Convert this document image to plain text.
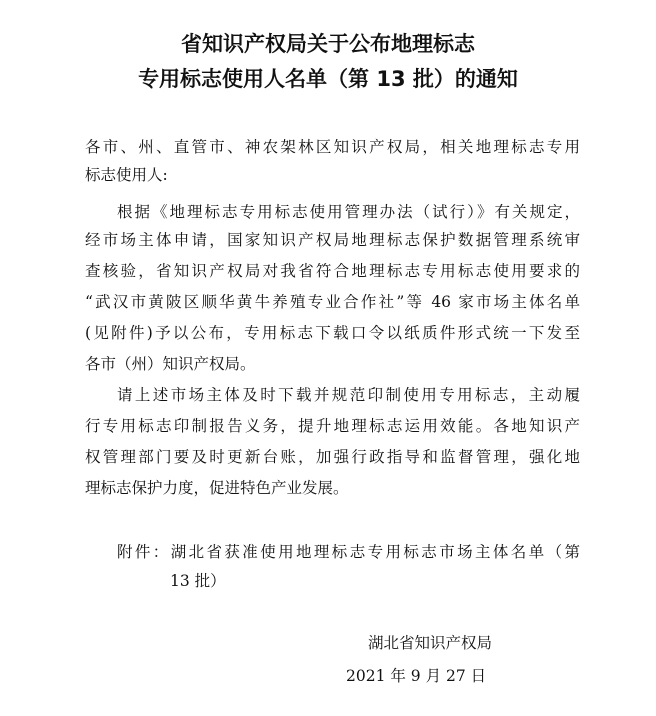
省知识产权局关于公布地理标志
专用标志使用人名单（第 13 批）的通知
各市、州、直管市、神农架林区知识产权局，相关地理标志专用
标志使用人:
根据《地理标志专用标志使用管理办法（试行）》有关规定，
经市场主体申请，国家知识产权局地理标志保护数据管理系统审
查核验，省知识产权局对我省符合地理标志专用标志使用要求的
“武汉市黄陂区顺华黄牛养殖专业合作社”等 46 家市场主体名单
(见附件)予以公布，专用标志下载口令以纸质件形式统一下发至
各市（州）知识产权局。
请上述市场主体及时下载并规范印制使用专用标志，主动履
行专用标志印制报告义务，提升地理标志运用效能。各地知识产
权管理部门要及时更新台账，加强行政指导和监督管理，强化地
理标志保护力度，促进特色产业发展。
附件：湖北省获准使用地理标志专用标志市场主体名单（第
13 批）
湖北省知识产权局
2021 年 9 月 27 日
